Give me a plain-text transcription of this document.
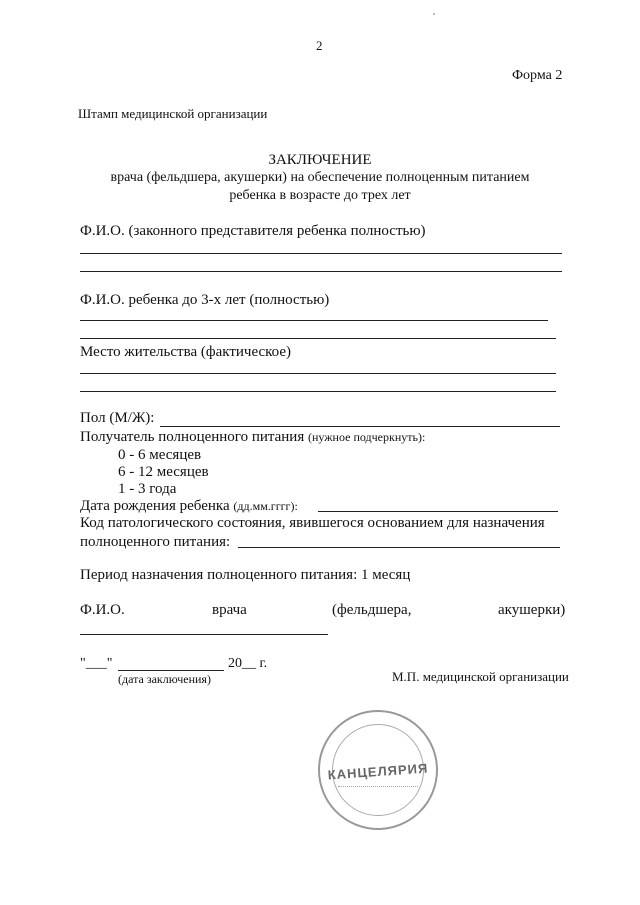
2
Форма 2
Штамп медицинской организации
ЗАКЛЮЧЕНИЕ
врача (фельдшера, акушерки) на обеспечение полноценным питанием
ребенка в возрасте до трех лет
Ф.И.О. (законного представителя ребенка полностью)
Ф.И.О. ребенка до 3-х лет (полностью)
Место жительства (фактическое)
Пол (М/Ж):
Получатель полноценного питания (нужное подчеркнуть):
0 - 6 месяцев
6 - 12 месяцев
1 - 3 года
Дата рождения ребенка (дд.мм.гггг):
Код патологического состояния, явившегося основанием для назначения
полноценного питания:
Период назначения полноценного питания: 1 месяц
Ф.И.О.	врача	(фельдшера,	акушерки)
"___"	20__ г.
(дата заключения)	М.П. медицинской организации
КАНЦЕЛЯРИЯ
